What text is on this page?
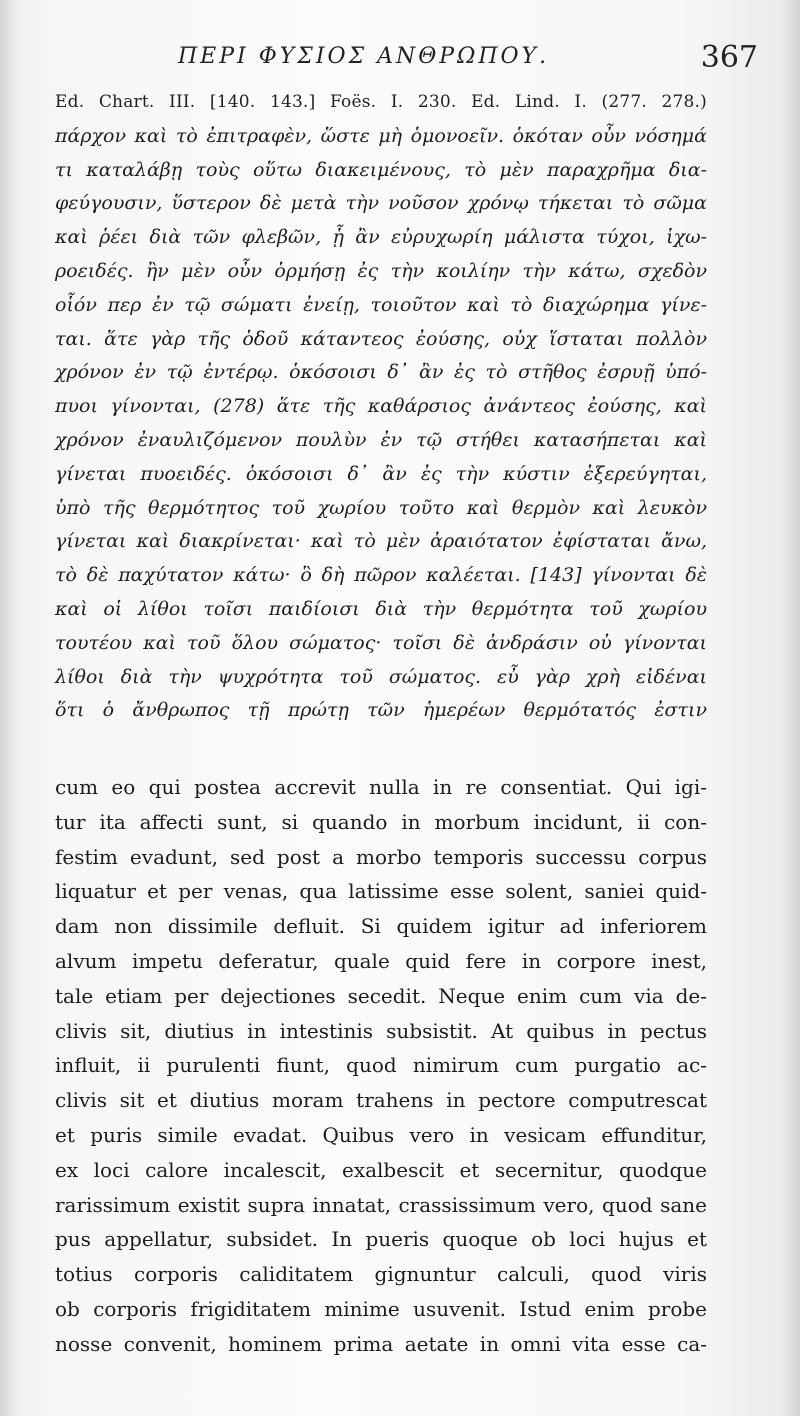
ΠΕΡΙ ΦΥΣΙΟΣ ΑΝΘΡΩΠΟΥ.	367
Ed. Chart. III. [140. 143.] Foës. I. 230. Ed. Lind. I. (277. 278.)
πάρχον καὶ τὸ ἐπιτραφὲν, ὥστε μὴ ὁμονοεῖν. ὁκόταν οὖν νόσημά
τι καταλάβῃ τοὺς οὕτω διακειμένους, τὸ μὲν παραχρῆμα δια-
φεύγουσιν, ὕστερον δὲ μετὰ τὴν νοῦσον χρόνῳ τήκεται τὸ σῶμα
καὶ ῥέει διὰ τῶν φλεβῶν, ᾗ ἂν εὐρυχωρίη μάλιστα τύχοι, ἰχω-
ροειδές. ἢν μὲν οὖν ὁρμήσῃ ἐς τὴν κοιλίην τὴν κάτω, σχεδὸν
οἷόν περ ἐν τῷ σώματι ἐνείῃ, τοιοῦτον καὶ τὸ διαχώρημα γίνε-
ται. ἅτε γὰρ τῆς ὁδοῦ κάταντεος ἐούσης, οὐχ ἵσταται πολλὸν
χρόνον ἐν τῷ ἐντέρῳ. ὁκόσοισι δ᾽ ἂν ἐς τὸ στῆθος ἐσρυῇ ὑπό-
πυοι γίνονται, (278) ἅτε τῆς καθάρσιος ἀνάντεος ἐούσης, καὶ
χρόνον ἐναυλιζόμενον πουλὺν ἐν τῷ στήθει κατασήπεται καὶ
γίνεται πυοειδές. ὁκόσοισι δ᾽ ἂν ἐς τὴν κύστιν ἐξερεύγηται,
ὑπὸ τῆς θερμότητος τοῦ χωρίου τοῦτο καὶ θερμὸν καὶ λευκὸν
γίνεται καὶ διακρίνεται· καὶ τὸ μὲν ἀραιότατον ἐφίσταται ἄνω,
τὸ δὲ παχύτατον κάτω· ὃ δὴ πῶρον καλέεται. [143] γίνονται δὲ
καὶ οἱ λίθοι τοῖσι παιδίοισι διὰ τὴν θερμότητα τοῦ χωρίου
τουτέου καὶ τοῦ ὅλου σώματος· τοῖσι δὲ ἀνδράσιν οὐ γίνονται
λίθοι διὰ τὴν ψυχρότητα τοῦ σώματος. εὖ γὰρ χρὴ εἰδέναι
ὅτι ὁ ἄνθρωπος τῇ πρώτῃ τῶν ἡμερέων θερμότατός ἐστιν
cum eo qui postea accrevit nulla in re consentiat. Qui igi-
tur ita affecti sunt, si quando in morbum incidunt, ii con-
festim evadunt, sed post a morbo temporis successu corpus
liquatur et per venas, qua latissime esse solent, saniei quid-
dam non dissimile defluit. Si quidem igitur ad inferiorem
alvum impetu deferatur, quale quid fere in corpore inest,
tale etiam per dejectiones secedit. Neque enim cum via de-
clivis sit, diutius in intestinis subsistit. At quibus in pectus
influit, ii purulenti fiunt, quod nimirum cum purgatio ac-
clivis sit et diutius moram trahens in pectore computrescat
et puris simile evadat. Quibus vero in vesicam effunditur,
ex loci calore incalescit, exalbescit et secernitur, quodque
rarissimum existit supra innatat, crassissimum vero, quod sane
pus appellatur, subsidet. In pueris quoque ob loci hujus et
totius corporis caliditatem gignuntur calculi, quod viris
ob corporis frigiditatem minime usuvenit. Istud enim probe
nosse convenit, hominem prima aetate in omni vita esse ca-
